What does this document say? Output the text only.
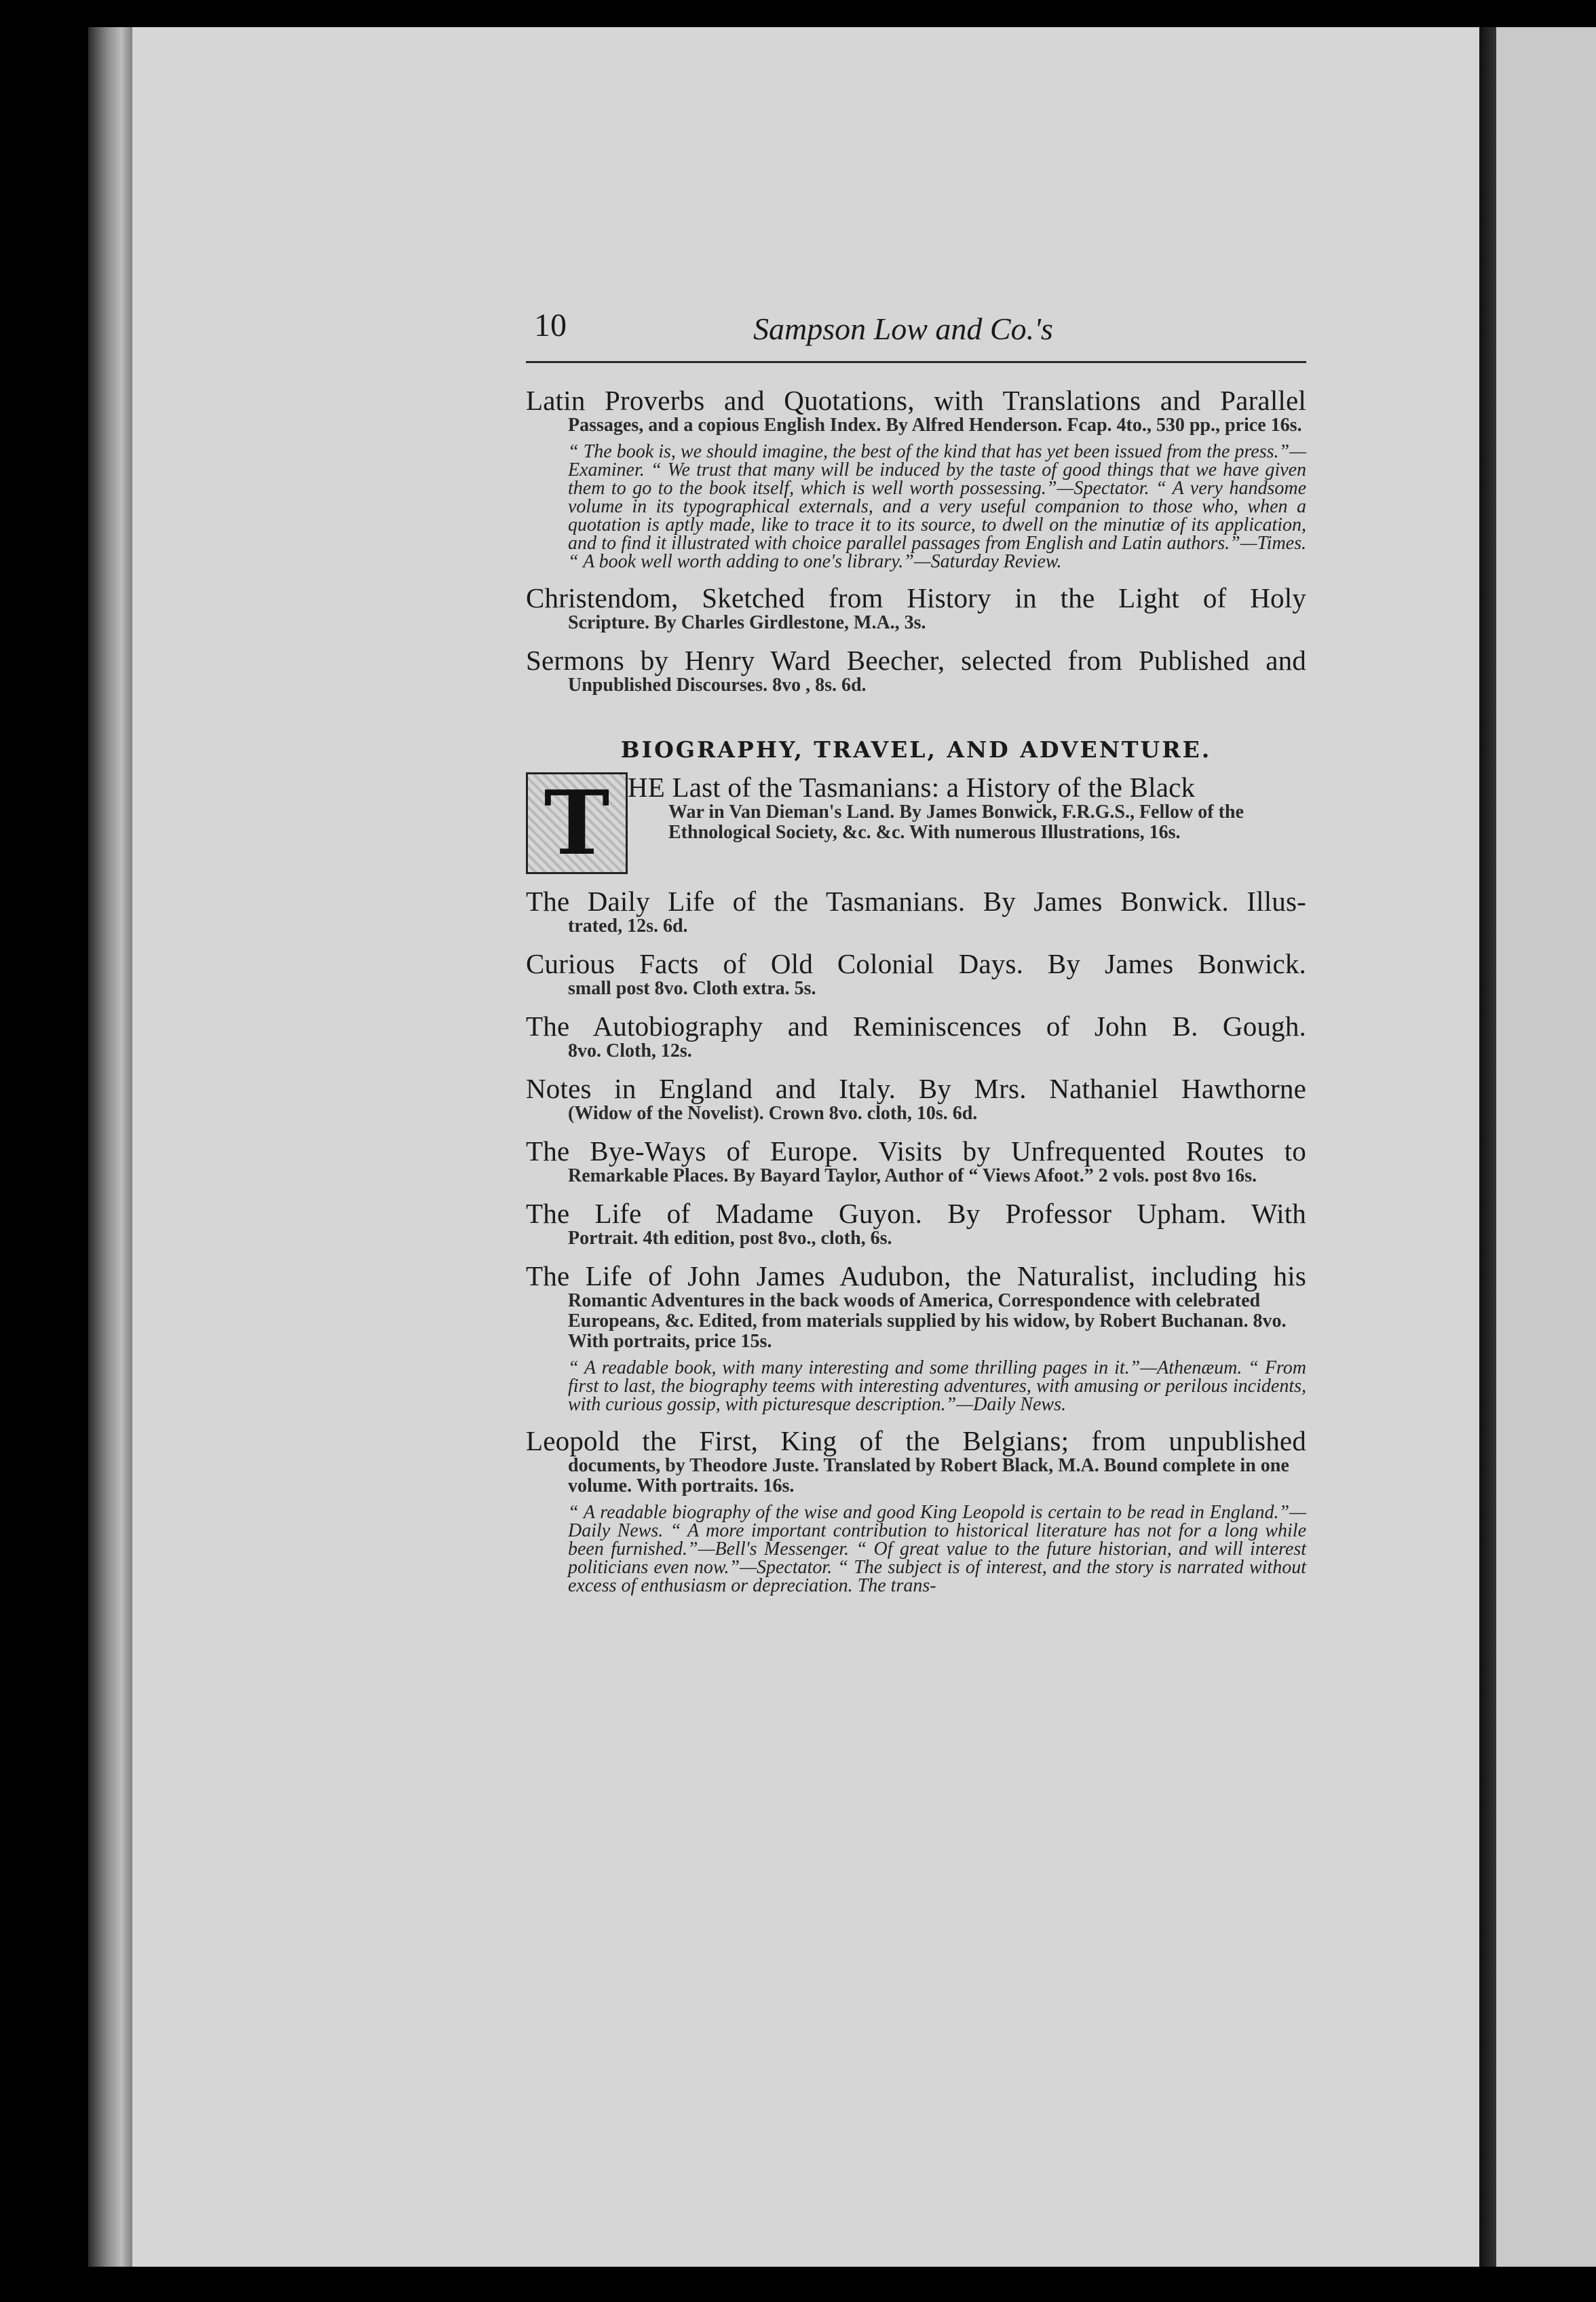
10	Sampson Low and Co.'s
Latin Proverbs and Quotations, with Translations and Parallel
Passages, and a copious English Index. By Alfred Henderson. Fcap. 4to., 530 pp., price 16s.
“ The book is, we should imagine, the best of the kind that has yet been issued from the press.”—Examiner. “ We trust that many will be induced by the taste of good things that we have given them to go to the book itself, which is well worth possessing.”—Spectator. “ A very handsome volume in its typographical externals, and a very useful companion to those who, when a quotation is aptly made, like to trace it to its source, to dwell on the minutiæ of its application, and to find it illustrated with choice parallel passages from English and Latin authors.”—Times. “ A book well worth adding to one's library.”—Saturday Review.
Christendom, Sketched from History in the Light of Holy
Scripture. By Charles Girdlestone, M.A., 3s.
Sermons by Henry Ward Beecher, selected from Published and
Unpublished Discourses. 8vo , 8s. 6d.
BIOGRAPHY, TRAVEL, AND ADVENTURE.
T HE Last of the Tasmanians: a History of the Black
War in Van Dieman's Land. By James Bonwick, F.R.G.S., Fellow of the Ethnological Society, &c. &c. With numerous Illustrations, 16s.
The Daily Life of the Tasmanians. By James Bonwick. Illus-
trated, 12s. 6d.
Curious Facts of Old Colonial Days. By James Bonwick.
small post 8vo. Cloth extra. 5s.
The Autobiography and Reminiscences of John B. Gough.
8vo. Cloth, 12s.
Notes in England and Italy. By Mrs. Nathaniel Hawthorne
(Widow of the Novelist). Crown 8vo. cloth, 10s. 6d.
The Bye-Ways of Europe. Visits by Unfrequented Routes to
Remarkable Places. By Bayard Taylor, Author of “ Views Afoot.” 2 vols. post 8vo 16s.
The Life of Madame Guyon. By Professor Upham. With
Portrait. 4th edition, post 8vo., cloth, 6s.
The Life of John James Audubon, the Naturalist, including his
Romantic Adventures in the back woods of America, Correspondence with celebrated Europeans, &c. Edited, from materials supplied by his widow, by Robert Buchanan. 8vo. With portraits, price 15s.
“ A readable book, with many interesting and some thrilling pages in it.”—Athenæum. “ From first to last, the biography teems with interesting adventures, with amusing or perilous incidents, with curious gossip, with picturesque description.”—Daily News.
Leopold the First, King of the Belgians; from unpublished
documents, by Theodore Juste. Translated by Robert Black, M.A. Bound complete in one volume. With portraits. 16s.
“ A readable biography of the wise and good King Leopold is certain to be read in England.”—Daily News. “ A more important contribution to historical literature has not for a long while been furnished.”—Bell's Messenger. “ Of great value to the future historian, and will interest politicians even now.”—Spectator. “ The subject is of interest, and the story is narrated without excess of enthusiasm or depreciation. The trans-
